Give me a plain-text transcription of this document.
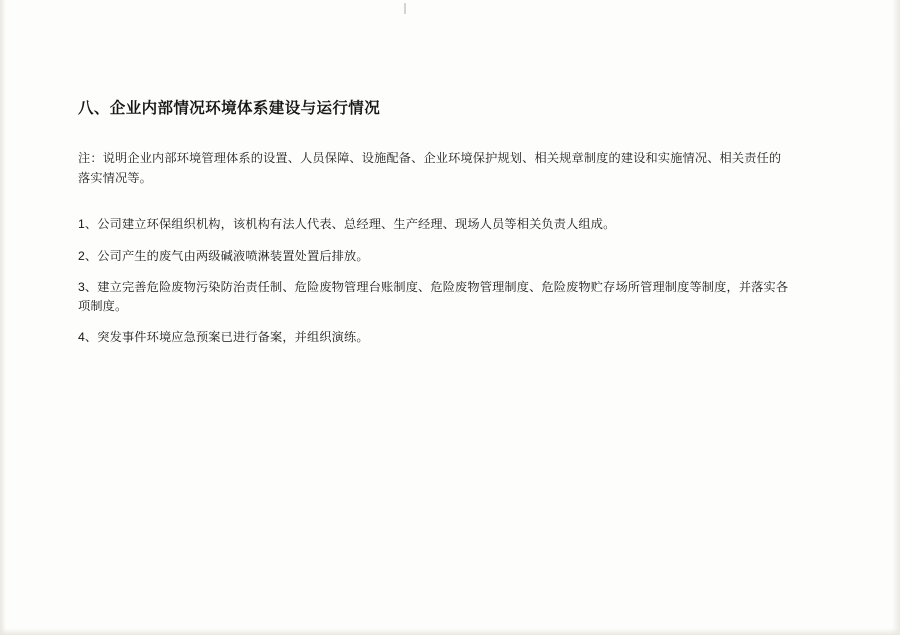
八、企业内部情况环境体系建设与运行情况

注：说明企业内部环境管理体系的设置、人员保障、设施配备、企业环境保护规划、相关规章制度的建设和实施情况、相关责任的落实情况等。

1、公司建立环保组织机构，该机构有法人代表、总经理、生产经理、现场人员等相关负责人组成。
2、公司产生的废气由两级碱液喷淋装置处置后排放。
3、建立完善危险废物污染防治责任制、危险废物管理台账制度、危险废物管理制度、危险废物贮存场所管理制度等制度，并落实各项制度。
4、突发事件环境应急预案已进行备案，并组织演练。
